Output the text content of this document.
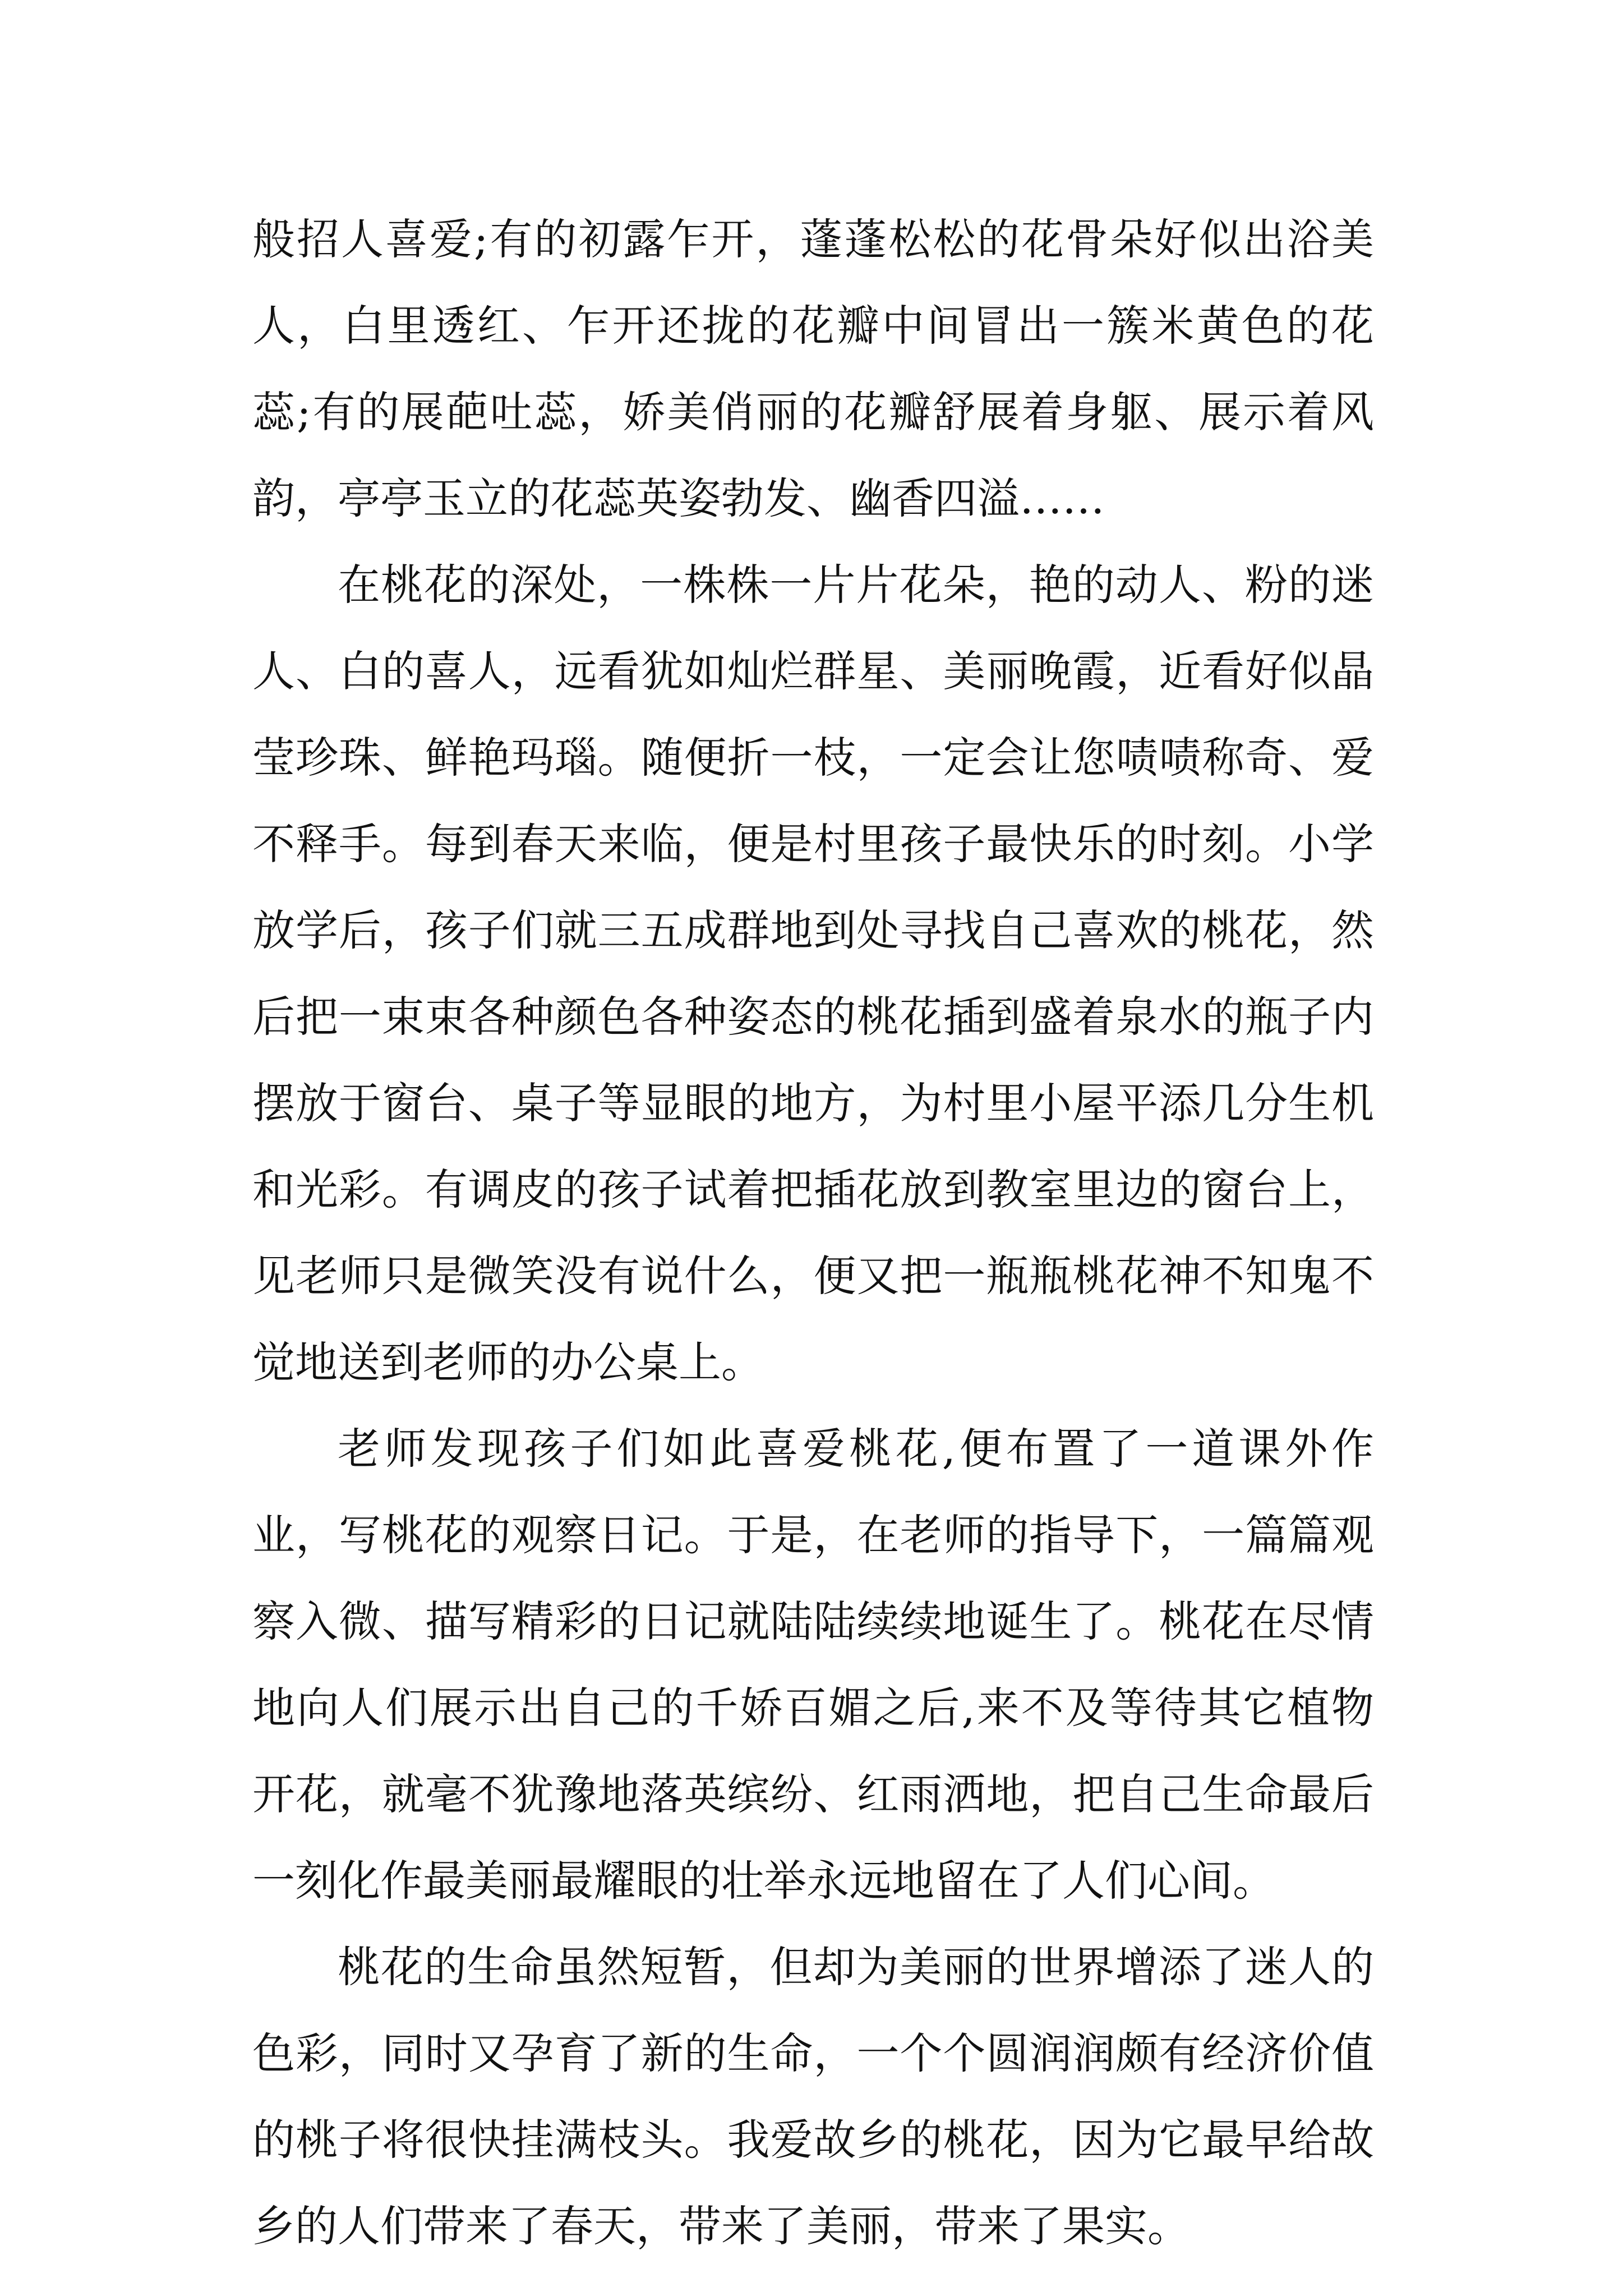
般招人喜爱;有的初露乍开，蓬蓬松松的花骨朵好似出浴美人，白里透红、乍开还拢的花瓣中间冒出一簇米黄色的花蕊;有的展葩吐蕊，娇美俏丽的花瓣舒展着身躯、展示着风韵，亭亭玉立的花蕊英姿勃发、幽香四溢……

在桃花的深处，一株株一片片花朵，艳的动人、粉的迷人、白的喜人，远看犹如灿烂群星、美丽晚霞，近看好似晶莹珍珠、鲜艳玛瑙。随便折一枝，一定会让您啧啧称奇、爱不释手。每到春天来临，便是村里孩子最快乐的时刻。小学放学后，孩子们就三五成群地到处寻找自己喜欢的桃花，然后把一束束各种颜色各种姿态的桃花插到盛着泉水的瓶子内摆放于窗台、桌子等显眼的地方，为村里小屋平添几分生机和光彩。有调皮的孩子试着把插花放到教室里边的窗台上，见老师只是微笑没有说什么，便又把一瓶瓶桃花神不知鬼不觉地送到老师的办公桌上。

老师发现孩子们如此喜爱桃花,便布置了一道课外作业，写桃花的观察日记。于是，在老师的指导下，一篇篇观察入微、描写精彩的日记就陆陆续续地诞生了。桃花在尽情地向人们展示出自己的千娇百媚之后,来不及等待其它植物开花，就毫不犹豫地落英缤纷、红雨洒地，把自己生命最后一刻化作最美丽最耀眼的壮举永远地留在了人们心间。

桃花的生命虽然短暂，但却为美丽的世界增添了迷人的色彩，同时又孕育了新的生命，一个个圆润润颇有经济价值的桃子将很快挂满枝头。我爱故乡的桃花，因为它最早给故乡的人们带来了春天，带来了美丽，带来了果实。
